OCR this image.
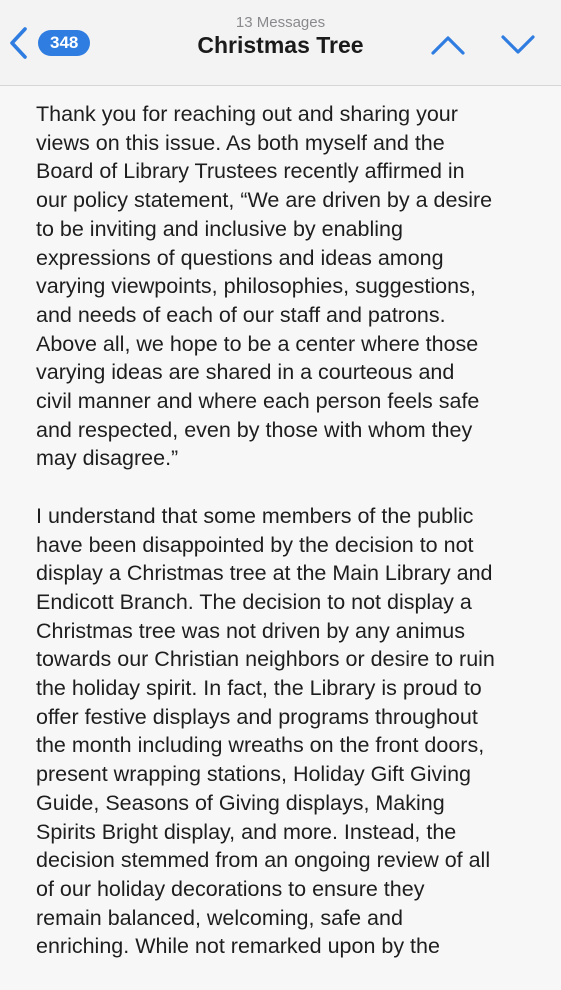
348
13 Messages
Christmas Tree

Thank you for reaching out and sharing your
views on this issue. As both myself and the
Board of Library Trustees recently affirmed in
our policy statement, “We are driven by a desire
to be inviting and inclusive by enabling
expressions of questions and ideas among
varying viewpoints, philosophies, suggestions,
and needs of each of our staff and patrons.
Above all, we hope to be a center where those
varying ideas are shared in a courteous and
civil manner and where each person feels safe
and respected, even by those with whom they
may disagree.”

I understand that some members of the public
have been disappointed by the decision to not
display a Christmas tree at the Main Library and
Endicott Branch. The decision to not display a
Christmas tree was not driven by any animus
towards our Christian neighbors or desire to ruin
the holiday spirit. In fact, the Library is proud to
offer festive displays and programs throughout
the month including wreaths on the front doors,
present wrapping stations, Holiday Gift Giving
Guide, Seasons of Giving displays, Making
Spirits Bright display, and more. Instead, the
decision stemmed from an ongoing review of all
of our holiday decorations to ensure they
remain balanced, welcoming, safe and
enriching. While not remarked upon by the
